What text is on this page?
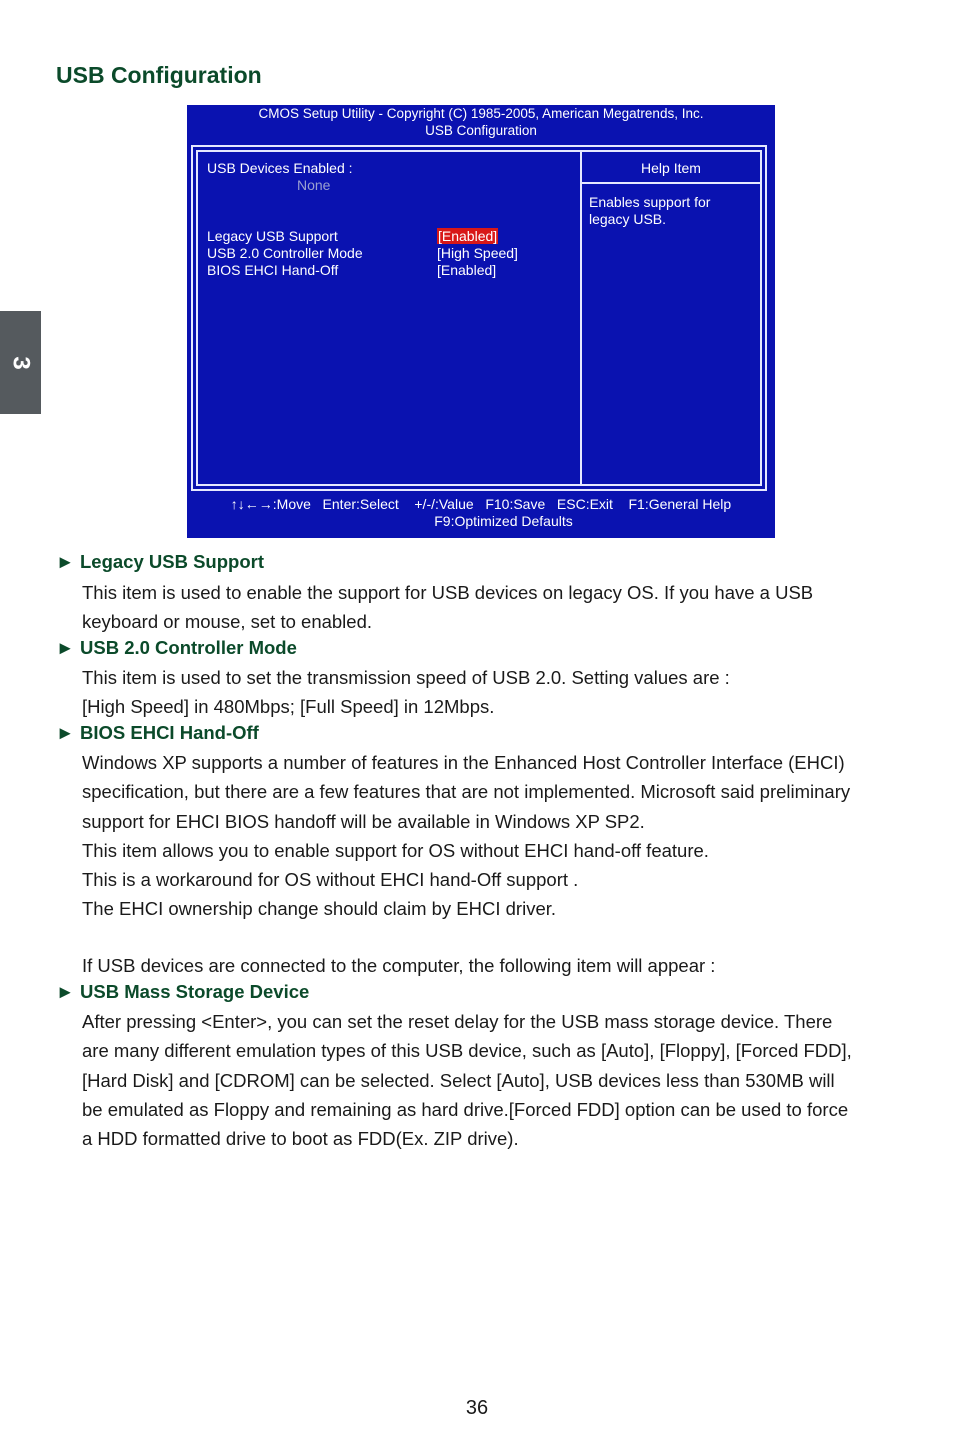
USB Configuration
3
CMOS Setup Utility - Copyright (C) 1985-2005, American Megatrends, Inc.
USB Configuration
USB Devices Enabled :
None
Legacy USB Support	[Enabled]
USB 2.0 Controller Mode	[High Speed]
BIOS EHCI Hand-Off	[Enabled]
Help Item
Enables support for
legacy USB.
↑↓←→:Move   Enter:Select    +/-/:Value   F10:Save   ESC:Exit    F1:General Help
F9:Optimized Defaults
► Legacy USB Support
This item is used to enable the support for USB devices on legacy OS. If you have a USB
keyboard or mouse, set to enabled.
► USB 2.0 Controller Mode
This item is used to set the transmission speed of USB 2.0. Setting values are :
[High Speed] in 480Mbps; [Full Speed] in 12Mbps.
► BIOS EHCI Hand-Off
Windows XP supports a number of features in the Enhanced Host Controller Interface (EHCI)
specification, but there are a few features that are not implemented. Microsoft said preliminary
support for EHCI BIOS handoff will be available in Windows XP SP2.
This item allows you to enable support for OS without EHCI hand-off feature.
This is a workaround for OS without EHCI hand-Off support .
The EHCI ownership change should claim by EHCI driver.
If USB devices are connected to the computer, the following item will appear :
► USB Mass Storage Device
After pressing <Enter>, you can set the reset delay for the USB mass storage device. There
are many different emulation types of this USB device, such as [Auto], [Floppy], [Forced FDD],
[Hard Disk] and [CDROM] can be selected. Select [Auto], USB devices less than 530MB will
be emulated as Floppy and remaining as hard drive.[Forced FDD] option can be used to force
a HDD formatted drive to boot as FDD(Ex. ZIP drive).
36
